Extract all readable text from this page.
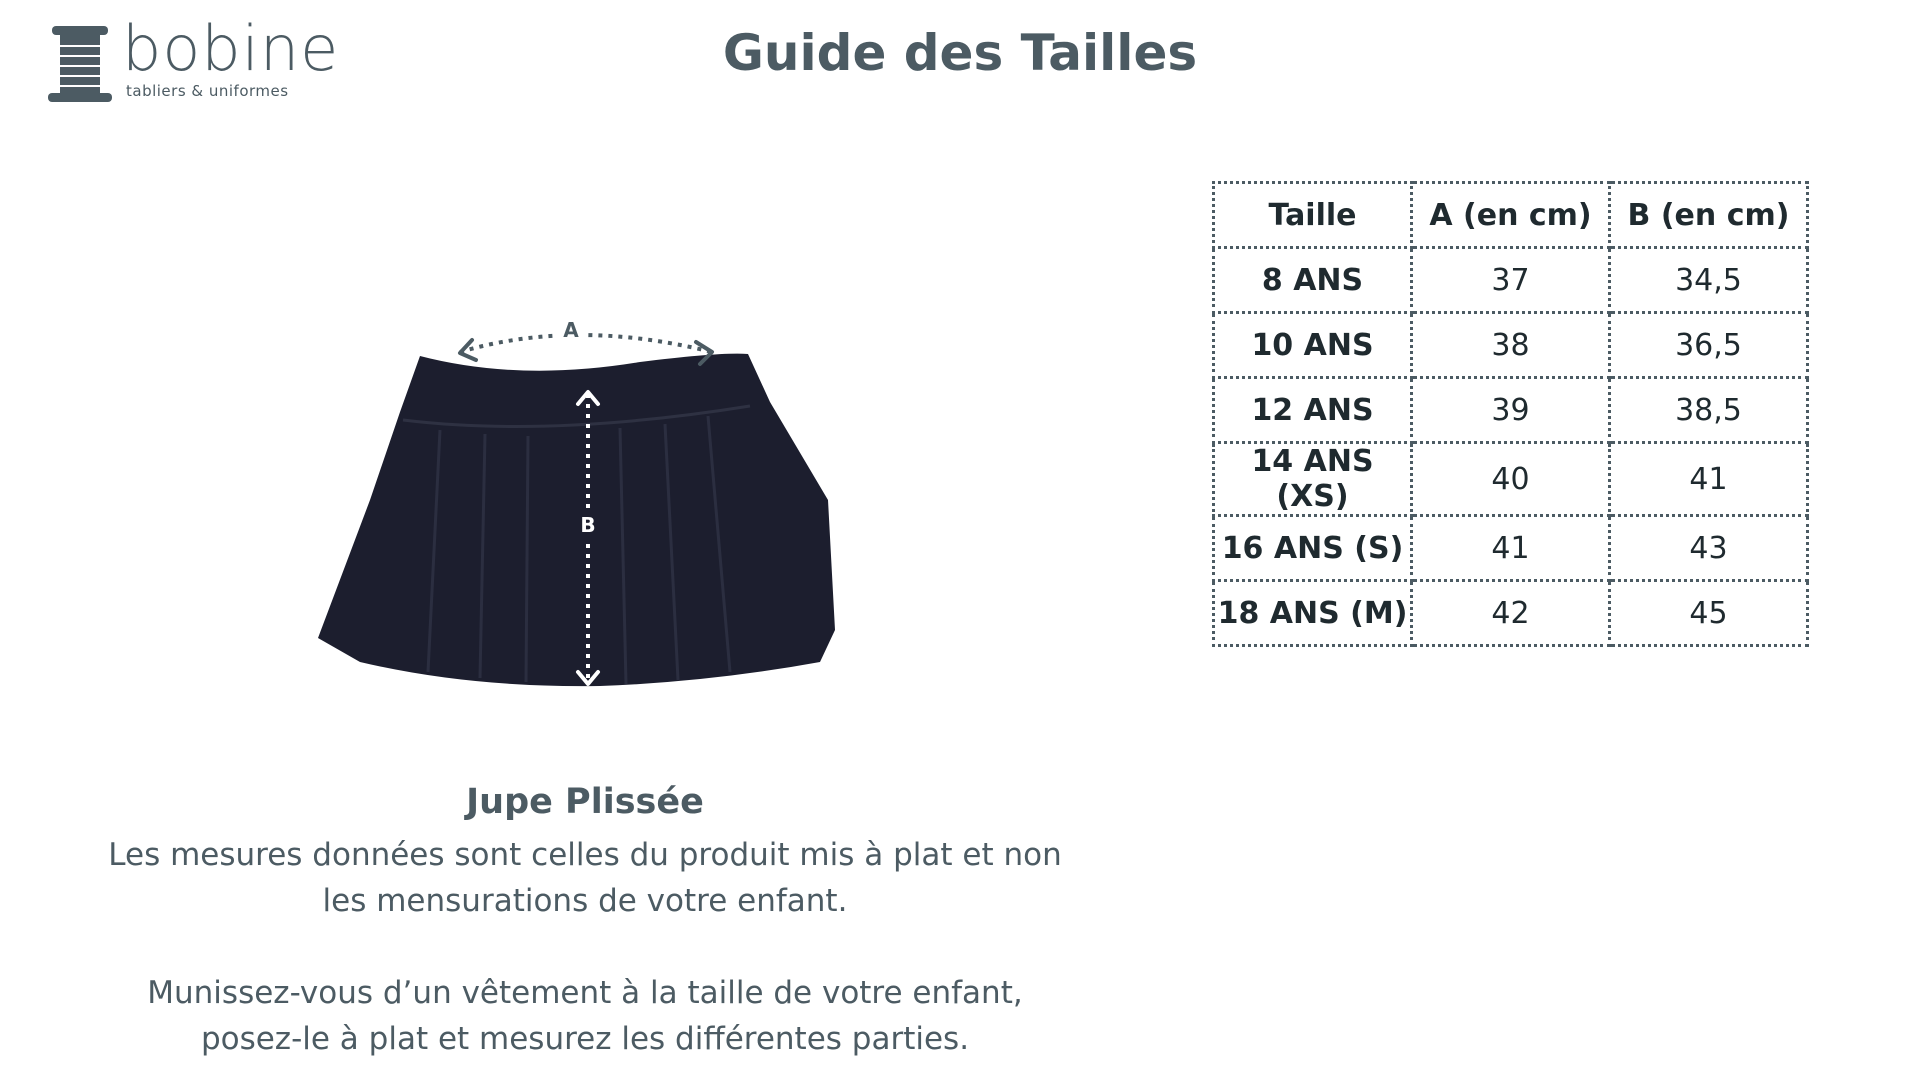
bobine
tabliers & uniformes
Guide des Tailles
A
B
Jupe Plissée

Les mesures données sont celles du produit mis à plat et non les mensurations de votre enfant.

Munissez-vous d’un vêtement à la taille de votre enfant, posez-le à plat et mesurez les différentes parties.

Taille	A (en cm)	B (en cm)
8 ANS	37	34,5
10 ANS	38	36,5
12 ANS	39	38,5
14 ANS (XS)	40	41
16 ANS (S)	41	43
18 ANS (M)	42	45
